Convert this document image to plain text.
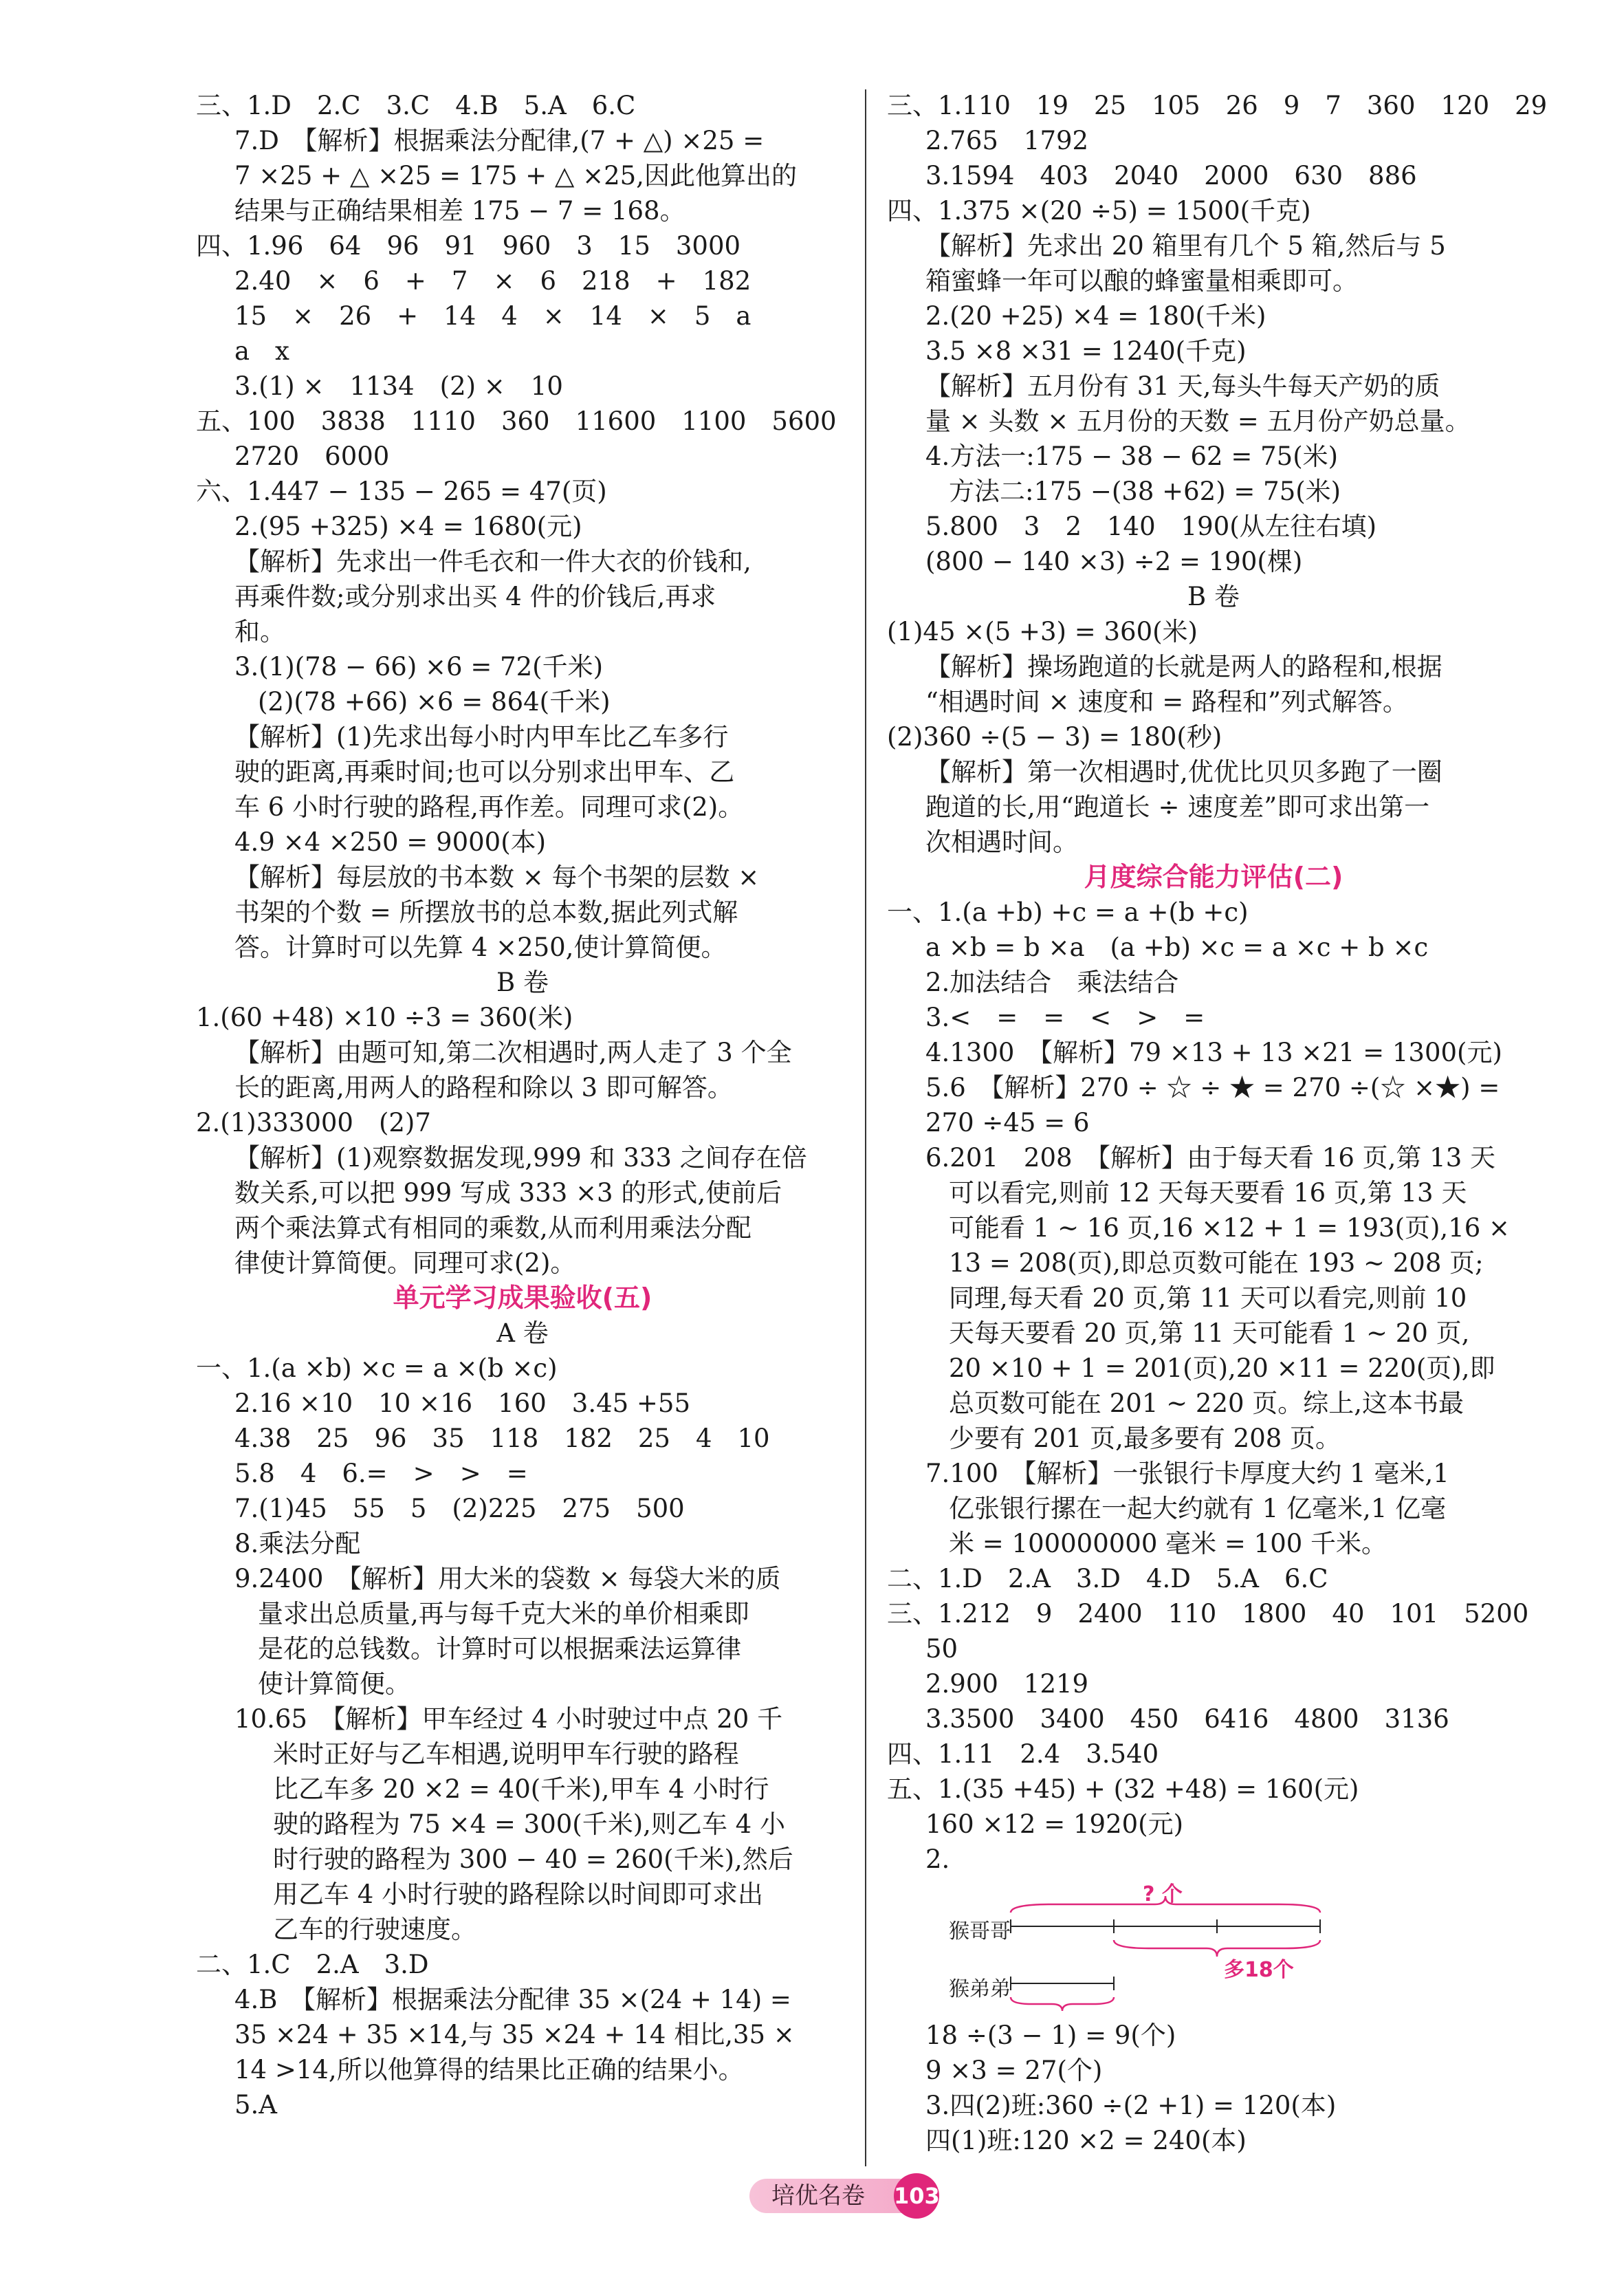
三、1.D　2.C　3.C　4.B　5.A　6.C
7.D　【解析】根据乘法分配律,(7 + △) ×25 =
7 ×25 + △ ×25 = 175 + △ ×25,因此他算出的
结果与正确结果相差 175 − 7 = 168。
四、1.96　64　96　91　960　3　15　3000
2.40　×　6　+　7　×　6　218　+　182
15　×　26　+　14　4　×　14　×　5　a
a　x
3.(1) ×　1134　(2) ×　10
五、100　3838　1110　360　11600　1100　5600
2720　6000
六、1.447 − 135 − 265 = 47(页)
2.(95 +325) ×4 = 1680(元)
【解析】先求出一件毛衣和一件大衣的价钱和,
再乘件数;或分别求出买 4 件的价钱后,再求
和。
3.(1)(78 − 66) ×6 = 72(千米)
(2)(78 +66) ×6 = 864(千米)
【解析】(1)先求出每小时内甲车比乙车多行
驶的距离,再乘时间;也可以分别求出甲车、乙
车 6 小时行驶的路程,再作差。同理可求(2)。
4.9 ×4 ×250 = 9000(本)
【解析】每层放的书本数 × 每个书架的层数 ×
书架的个数 = 所摆放书的总本数,据此列式解
答。计算时可以先算 4 ×250,使计算简便。
B 卷
1.(60 +48) ×10 ÷3 = 360(米)
【解析】由题可知,第二次相遇时,两人走了 3 个全
长的距离,用两人的路程和除以 3 即可解答。
2.(1)333000　(2)7
【解析】(1)观察数据发现,999 和 333 之间存在倍
数关系,可以把 999 写成 333 ×3 的形式,使前后
两个乘法算式有相同的乘数,从而利用乘法分配
律使计算简便。同理可求(2)。
单元学习成果验收(五)
A 卷
一、1.(a ×b) ×c = a ×(b ×c)
2.16 ×10　10 ×16　160　3.45 +55
4.38　25　96　35　118　182　25　4　10
5.8　4　6.=　>　>　=
7.(1)45　55　5　(2)225　275　500
8.乘法分配
9.2400　【解析】用大米的袋数 × 每袋大米的质
量求出总质量,再与每千克大米的单价相乘即
是花的总钱数。计算时可以根据乘法运算律
使计算简便。
10.65　【解析】甲车经过 4 小时驶过中点 20 千
米时正好与乙车相遇,说明甲车行驶的路程
比乙车多 20 ×2 = 40(千米),甲车 4 小时行
驶的路程为 75 ×4 = 300(千米),则乙车 4 小
时行驶的路程为 300 − 40 = 260(千米),然后
用乙车 4 小时行驶的路程除以时间即可求出
乙车的行驶速度。
二、1.C　2.A　3.D
4.B　【解析】根据乘法分配律 35 ×(24 + 14) =
35 ×24 + 35 ×14,与 35 ×24 + 14 相比,35 ×
14 >14,所以他算得的结果比正确的结果小。
5.A
三、1.110　19　25　105　26　9　7　360　120　29
2.765　1792
3.1594　403　2040　2000　630　886
四、1.375 ×(20 ÷5) = 1500(千克)
【解析】先求出 20 箱里有几个 5 箱,然后与 5
箱蜜蜂一年可以酿的蜂蜜量相乘即可。
2.(20 +25) ×4 = 180(千米)
3.5 ×8 ×31 = 1240(千克)
【解析】五月份有 31 天,每头牛每天产奶的质
量 × 头数 × 五月份的天数 = 五月份产奶总量。
4.方法一:175 − 38 − 62 = 75(米)
方法二:175 −(38 +62) = 75(米)
5.800　3　2　140　190(从左往右填)
(800 − 140 ×3) ÷2 = 190(棵)
B 卷
(1)45 ×(5 +3) = 360(米)
【解析】操场跑道的长就是两人的路程和,根据
“相遇时间 × 速度和 = 路程和”列式解答。
(2)360 ÷(5 − 3) = 180(秒)
【解析】第一次相遇时,优优比贝贝多跑了一圈
跑道的长,用“跑道长 ÷ 速度差”即可求出第一
次相遇时间。
月度综合能力评估(二)
一、1.(a +b) +c = a +(b +c)
a ×b = b ×a　(a +b) ×c = a ×c + b ×c
2.加法结合　乘法结合
3.<　=　=　<　>　=
4.1300　【解析】79 ×13 + 13 ×21 = 1300(元)
5.6　【解析】270 ÷ ☆ ÷ ★ = 270 ÷(☆ ×★) =
270 ÷45 = 6
6.201　208　【解析】由于每天看 16 页,第 13 天
可以看完,则前 12 天每天要看 16 页,第 13 天
可能看 1 ~ 16 页,16 ×12 + 1 = 193(页),16 ×
13 = 208(页),即总页数可能在 193 ~ 208 页;
同理,每天看 20 页,第 11 天可以看完,则前 10
天每天要看 20 页,第 11 天可能看 1 ~ 20 页,
20 ×10 + 1 = 201(页),20 ×11 = 220(页),即
总页数可能在 201 ~ 220 页。综上,这本书最
少要有 201 页,最多要有 208 页。
7.100　【解析】一张银行卡厚度大约 1 毫米,1
亿张银行摞在一起大约就有 1 亿毫米,1 亿毫
米 = 100000000 毫米 = 100 千米。
二、1.D　2.A　3.D　4.D　5.A　6.C
三、1.212　9　2400　110　1800　40　101　5200
50
2.900　1219
3.3500　3400　450　6416　4800　3136
四、1.11　2.4　3.540
五、1.(35 +45) + (32 +48) = 160(元)
160 ×12 = 1920(元)
2.
? 个
猴哥哥
多18个
猴弟弟
18 ÷(3 − 1) = 9(个)
9 ×3 = 27(个)
3.四(2)班:360 ÷(2 +1) = 120(本)
四(1)班:120 ×2 = 240(本)
培优名卷	103
